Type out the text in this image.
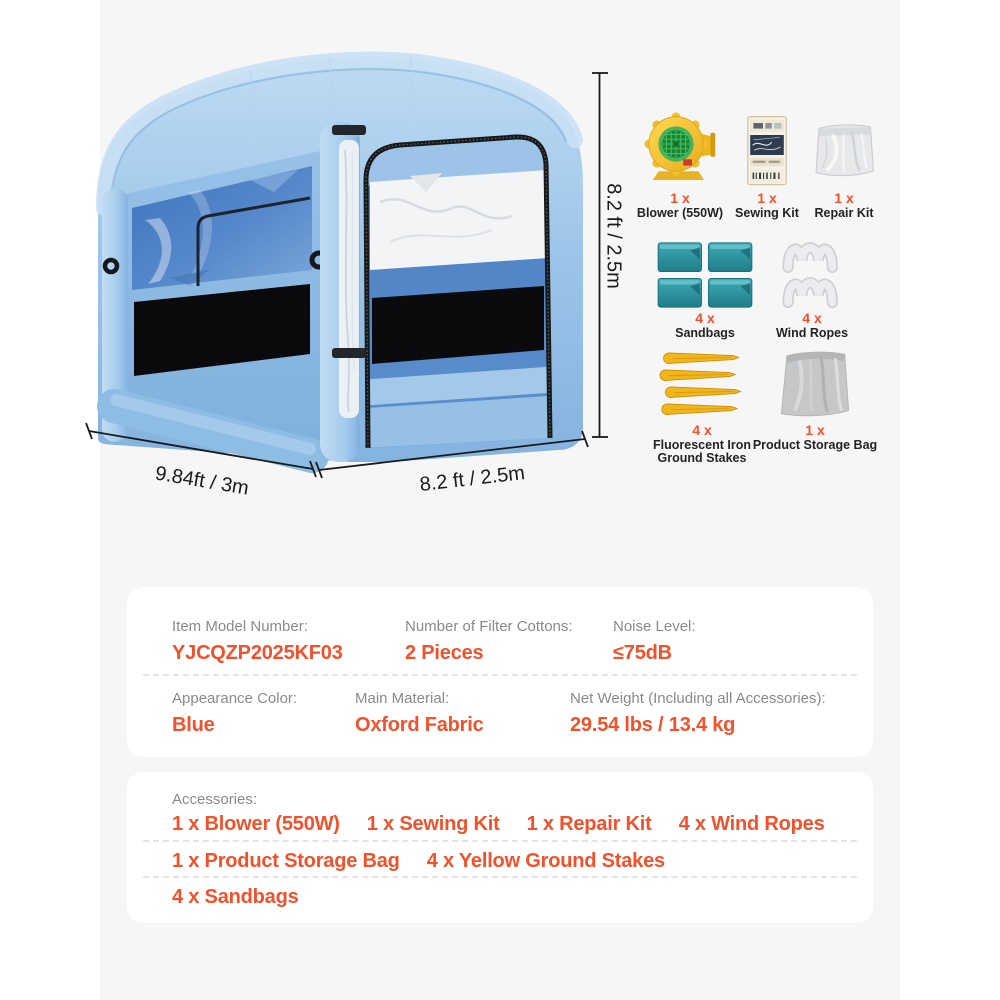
8.2 ft / 2.5m
9.84ft / 3m	8.2 ft / 2.5m
1 x
Blower (550W)
1 x
Sewing Kit
1 x
Repair Kit
4 x
Sandbags
4 x
Wind Ropes
4 x
Fluorescent Iron
Ground Stakes
1 x
Product Storage Bag
Item Model Number:
YJCQZP2025KF03
Number of Filter Cottons:
2 Pieces
Noise Level:
≤75dB
Appearance Color:
Blue
Main Material:
Oxford Fabric
Net Weight (Including all Accessories):
29.54 lbs / 13.4 kg
Accessories:
1 x Blower (550W) 1 x Sewing Kit 1 x Repair Kit 4 x Wind Ropes
1 x Product Storage Bag 4 x Yellow Ground Stakes
4 x Sandbags
